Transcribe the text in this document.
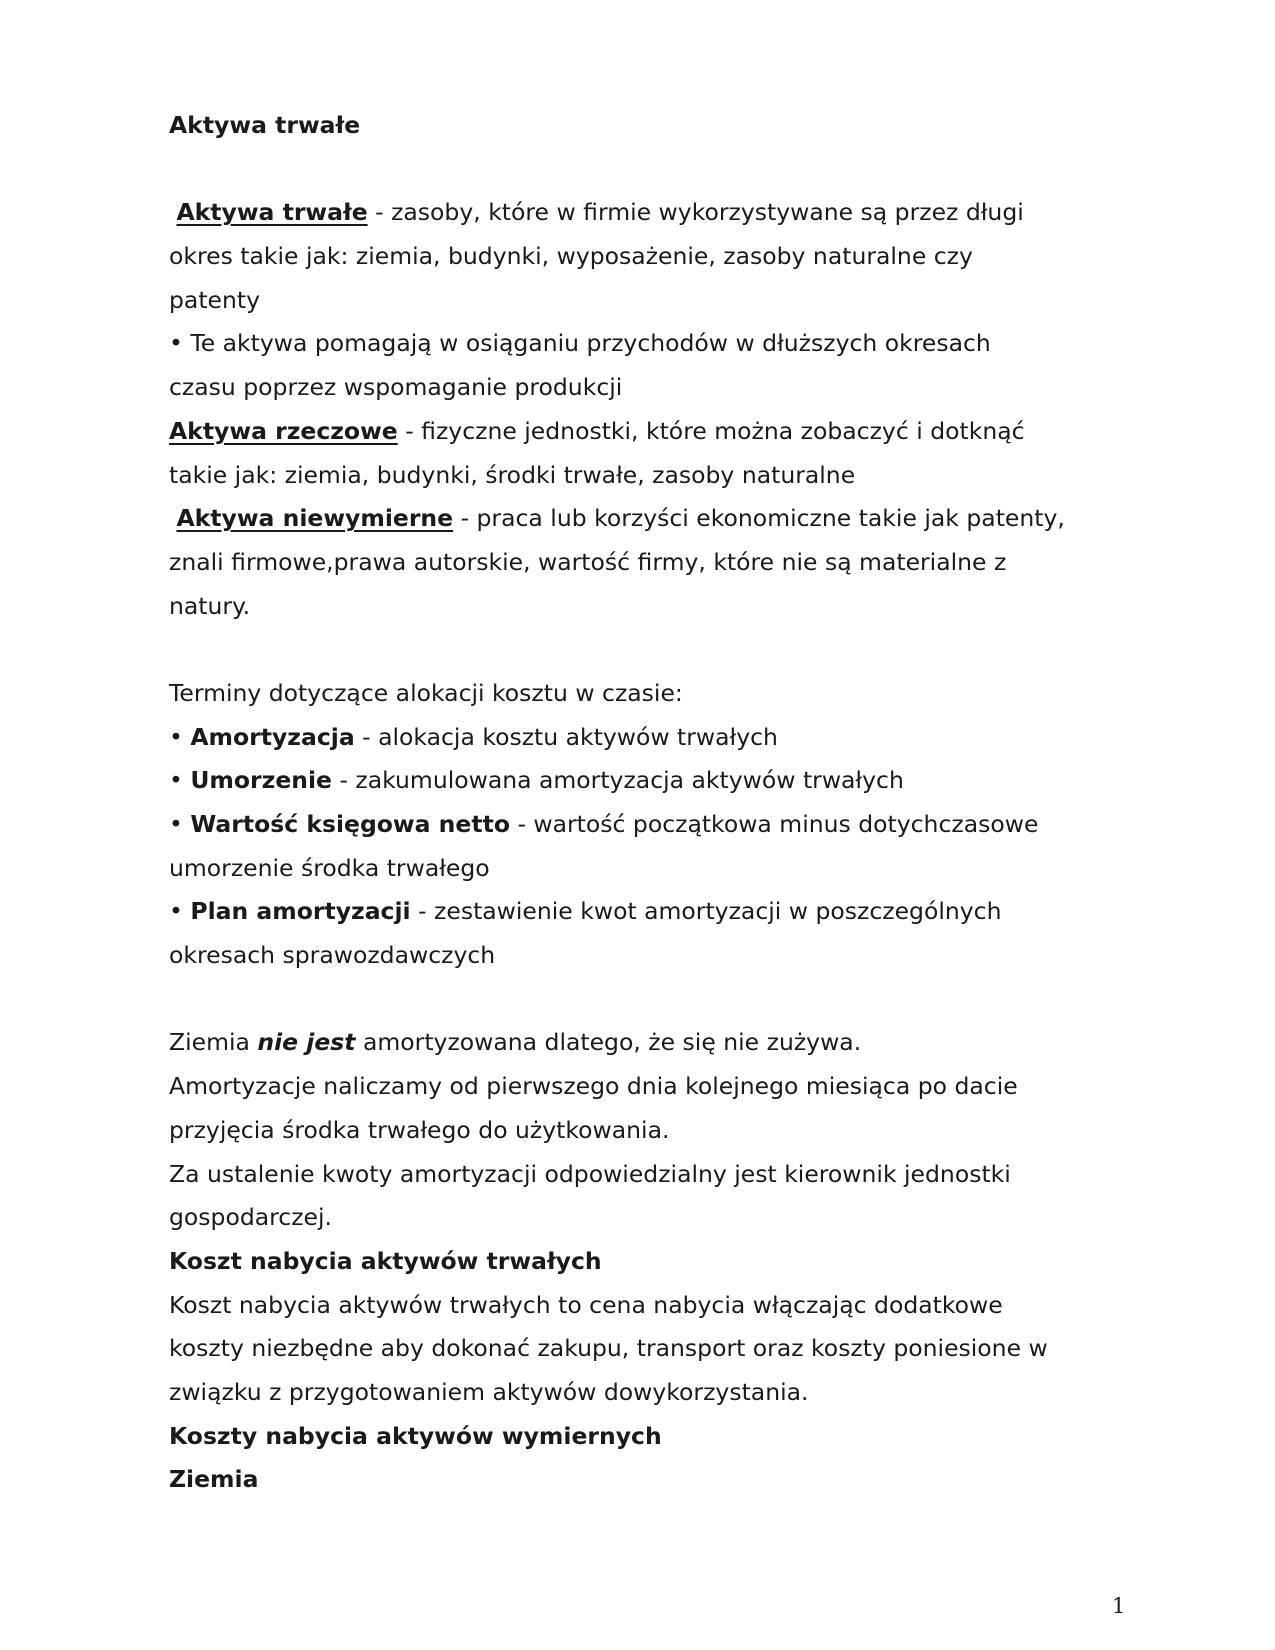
Aktywa trwałe
Aktywa trwałe - zasoby, które w firmie wykorzystywane są przez długi
okres takie jak: ziemia, budynki, wyposażenie, zasoby naturalne czy
patenty
• Te aktywa pomagają w osiąganiu przychodów w dłuższych okresach
czasu poprzez wspomaganie produkcji
Aktywa rzeczowe - fizyczne jednostki, które można zobaczyć i dotknąć
takie jak: ziemia, budynki, środki trwałe, zasoby naturalne
Aktywa niewymierne - praca lub korzyści ekonomiczne takie jak patenty,
znali firmowe,prawa autorskie, wartość firmy, które nie są materialne z
natury.
Terminy dotyczące alokacji kosztu w czasie:
• Amortyzacja - alokacja kosztu aktywów trwałych
• Umorzenie - zakumulowana amortyzacja aktywów trwałych
• Wartość księgowa netto - wartość początkowa minus dotychczasowe
umorzenie środka trwałego
• Plan amortyzacji - zestawienie kwot amortyzacji w poszczególnych
okresach sprawozdawczych
Ziemia nie jest amortyzowana dlatego, że się nie zużywa.
Amortyzacje naliczamy od pierwszego dnia kolejnego miesiąca po dacie
przyjęcia środka trwałego do użytkowania.
Za ustalenie kwoty amortyzacji odpowiedzialny jest kierownik jednostki
gospodarczej.
Koszt nabycia aktywów trwałych
Koszt nabycia aktywów trwałych to cena nabycia włączając dodatkowe
koszty niezbędne aby dokonać zakupu, transport oraz koszty poniesione w
związku z przygotowaniem aktywów dowykorzystania.
Koszty nabycia aktywów wymiernych
Ziemia
1
